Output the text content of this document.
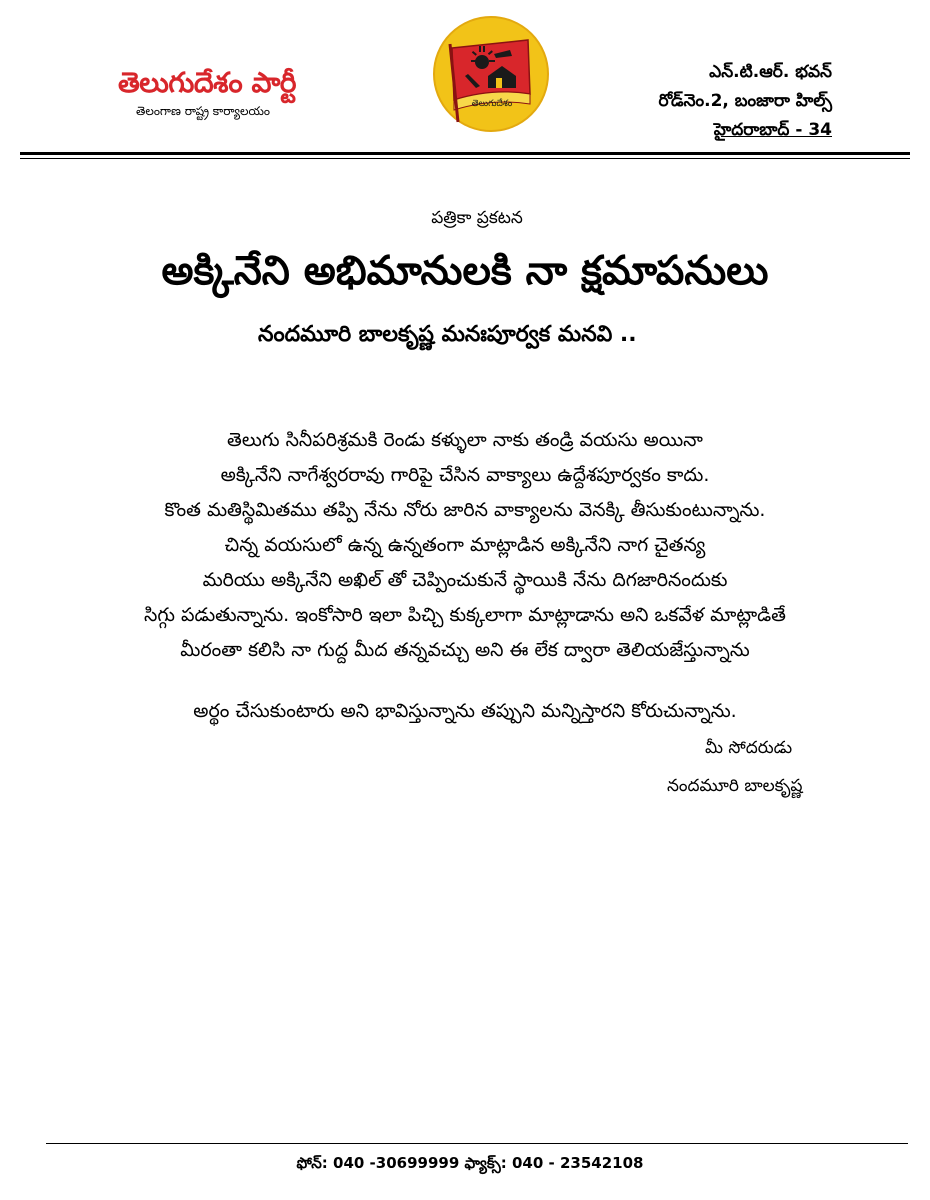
తెలుగుదేశం పార్టీ
తెలంగాణ రాష్ట్ర కార్యాలయం	తెలుగుదేశం
ఎన్.టి.ఆర్. భవన్
రోడ్‌నెం.2, బంజారా హిల్స్
హైదరాబాద్ - 34
పత్రికా ప్రకటన
అక్కినేని అభిమానులకి నా క్షమాపనులు
నందమూరి బాలకృష్ణ మనఃపూర్వక మనవి ..
తెలుగు సినీపరిశ్రమకి రెండు కళ్ళులా నాకు తండ్రి వయసు అయినా
అక్కినేని నాగేశ్వరరావు గారిపై చేసిన వాక్యాలు ఉద్దేశపూర్వకం కాదు.
కొంత మతిస్థిమితము తప్పి నేను నోరు జారిన వాక్యాలను వెనక్కి తీసుకుంటున్నాను.
చిన్న వయసులో ఉన్న ఉన్నతంగా మాట్లాడిన అక్కినేని నాగ చైతన్య
మరియు అక్కినేని అఖిల్ తో చెప్పించుకునే స్థాయికి నేను దిగజారినందుకు
సిగ్గు పడుతున్నాను. ఇంకోసారి ఇలా పిచ్చి కుక్కలాగా మాట్లాడాను అని ఒకవేళ మాట్లాడితే
మీరంతా కలిసి నా గుద్ద మీద తన్నవచ్చు అని ఈ లేక ద్వారా తెలియజేస్తున్నాను
అర్థం చేసుకుంటారు అని భావిస్తున్నాను తప్పుని మన్నిస్తారని కోరుచున్నాను.
మీ సోదరుడు
నందమూరి బాలకృష్ణ
ఫోన్: 040 -30699999 ఫ్యాక్స్: 040 - 23542108
